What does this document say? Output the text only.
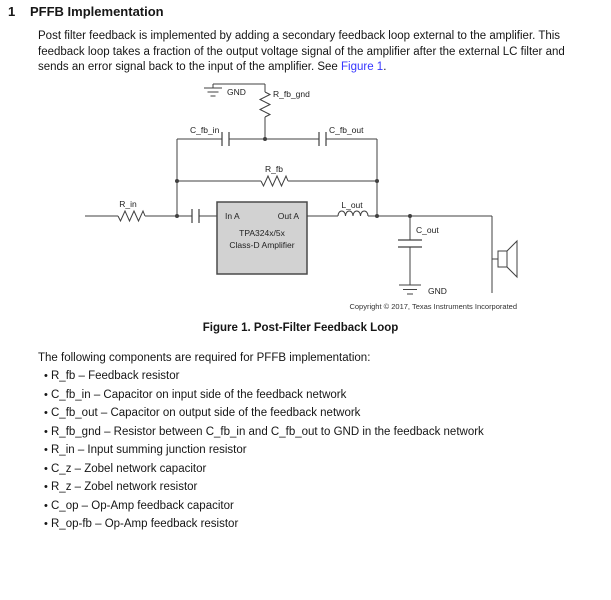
1	PFFB Implementation

Post filter feedback is implemented by adding a secondary feedback loop external to the amplifier. This feedback loop takes a fraction of the output voltage signal of the amplifier after the external LC filter and sends an error signal back to the input of the amplifier. See Figure 1.

In A	Out A
TPA324x/5x
Class-D Amplifier
GND	R_fb_gnd
C_fb_in	C_fb_out
R_fb
R_in	L_out
C_out
GND
Copyright © 2017, Texas Instruments Incorporated
Figure 1. Post-Filter Feedback Loop
The following components are required for PFFB implementation:
• R_fb – Feedback resistor
• C_fb_in – Capacitor on input side of the feedback network
• C_fb_out – Capacitor on output side of the feedback network
• R_fb_gnd – Resistor between C_fb_in and C_fb_out to GND in the feedback network
• R_in – Input summing junction resistor
• C_z – Zobel network capacitor
• R_z – Zobel network resistor
• C_op – Op-Amp feedback capacitor
• R_op-fb – Op-Amp feedback resistor
